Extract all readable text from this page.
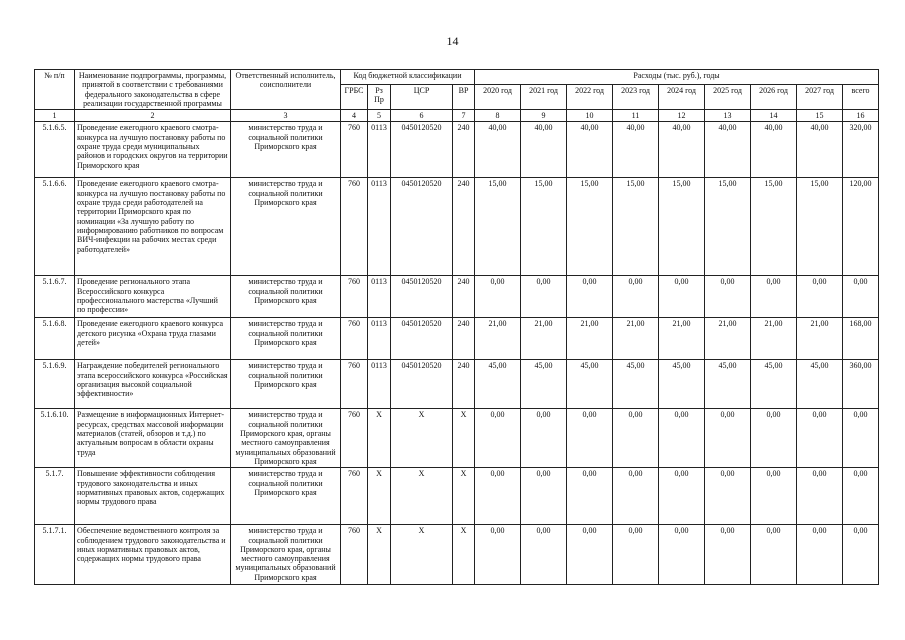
14
№ п/п	Наименование подпрограммы, программы, принятой в соответствии с требованиями федерального законодательства в сфере реализации государственной программы	Ответственный исполнитель, соисполнители	Код бюджетной классификации				Расходы (тыс. руб.), годы								
			ГРБС	Рз Пр	ЦСР	ВР	2020 год	2021 год	2022 год	2023 год	2024 год	2025 год	2026 год	2027 год	всего
1	2	3	4	5	6	7	8	9	10	11	12	13	14	15	16
5.1.6.5.	Проведение ежегодного краевого смотра-конкурса на лучшую постановку работы по охране труда среди муниципальных районов и городских округов на территории Приморского края	министерство труда и социальной политики Приморского края	760	0113	0450120520	240	40,00	40,00	40,00	40,00	40,00	40,00	40,00	40,00	320,00
5.1.6.6.	Проведение ежегодного краевого смотра-конкурса на лучшую постановку работы по охране труда среди работодателей на территории Приморского края по номинации «За лучшую работу по информированию работников по вопросам ВИЧ-инфекции на рабочих местах среди работодателей»	министерство труда и социальной политики Приморского края	760	0113	0450120520	240	15,00	15,00	15,00	15,00	15,00	15,00	15,00	15,00	120,00
5.1.6.7.	Проведение регионального этапа Всероссийского конкурса профессионального мастерства «Лучший по профессии»	министерство труда и социальной политики Приморского края	760	0113	0450120520	240	0,00	0,00	0,00	0,00	0,00	0,00	0,00	0,00	0,00
5.1.6.8.	Проведение ежегодного краевого конкурса детского рисунка «Охрана труда глазами детей»	министерство труда и социальной политики Приморского края	760	0113	0450120520	240	21,00	21,00	21,00	21,00	21,00	21,00	21,00	21,00	168,00
5.1.6.9.	Награждение победителей регионального этапа всероссийского конкурса «Российская организация высокой социальной эффективности»	министерство труда и социальной политики Приморского края	760	0113	0450120520	240	45,00	45,00	45,00	45,00	45,00	45,00	45,00	45,00	360,00
5.1.6.10.	Размещение в информационных Интернет-ресурсах, средствах массовой информации материалов (статей, обзоров и т.д.) по актуальным вопросам в области охраны труда	министерство труда и социальной политики Приморского края, органы местного самоуправления муниципальных образований Приморского края	760	Х	Х	Х	0,00	0,00	0,00	0,00	0,00	0,00	0,00	0,00	0,00
5.1.7.	Повышение эффективности соблюдения трудового законодательства и иных нормативных правовых актов, содержащих нормы трудового права	министерство труда и социальной политики Приморского края	760	Х	Х	Х	0,00	0,00	0,00	0,00	0,00	0,00	0,00	0,00	0,00
5.1.7.1.	Обеспечение ведомственного контроля за соблюдением трудового законодательства и иных нормативных правовых актов, содержащих нормы трудового права	министерство труда и социальной политики Приморского края, органы местного самоуправления муниципальных образований Приморского края	760	Х	Х	Х	0,00	0,00	0,00	0,00	0,00	0,00	0,00	0,00	0,00
